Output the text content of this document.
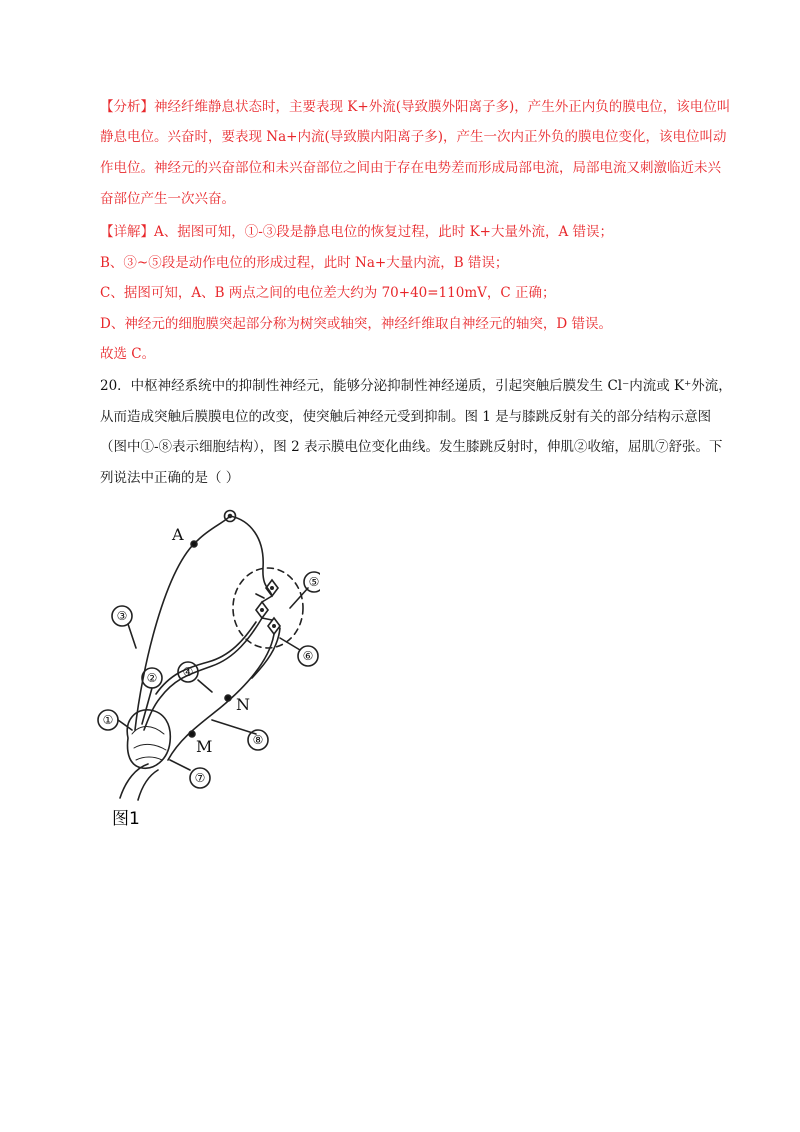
【分析】神经纤维静息状态时，主要表现 K+外流(导致膜外阳离子多)，产生外正内负的膜电位，该电位叫
静息电位。兴奋时，要表现 Na+内流(导致膜内阳离子多)，产生一次内正外负的膜电位变化，该电位叫动
作电位。神经元的兴奋部位和未兴奋部位之间由于存在电势差而形成局部电流，局部电流又刺激临近未兴
奋部位产生一次兴奋。
【详解】A、据图可知，①-③段是静息电位的恢复过程，此时 K+大量外流，A 错误；
B、③~⑤段是动作电位的形成过程，此时 Na+大量内流，B 错误；
C、据图可知，A、B 两点之间的电位差大约为 70+40=110mV，C 正确；
D、神经元的细胞膜突起部分称为树突或轴突，神经纤维取自神经元的轴突，D 错误。
故选 C。
20．中枢神经系统中的抑制性神经元，能够分泌抑制性神经递质，引起突触后膜发生 Cl⁻内流或 K⁺外流，
从而造成突触后膜膜电位的改变，使突触后神经元受到抑制。图 1 是与膝跳反射有关的部分结构示意图
（图中①-⑧表示细胞结构），图 2 表示膜电位变化曲线。发生膝跳反射时，伸肌②收缩，屈肌⑦舒张。下
列说法中正确的是（ ）
①
②
③
④
⑤
⑥
⑦
⑧
A
N
M
图1
